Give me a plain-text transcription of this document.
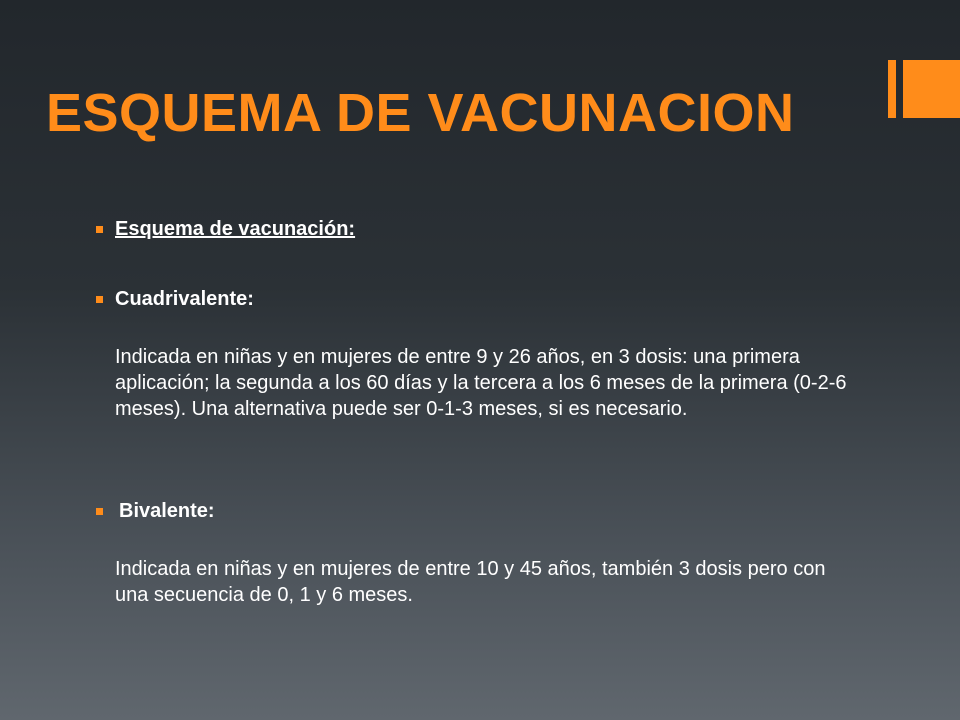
ESQUEMA DE VACUNACION
Esquema de vacunación:
Cuadrivalente:

Indicada en niñas y en mujeres de entre 9 y 26 años, en 3 dosis: una primera aplicación; la segunda a los 60 días y la tercera a los 6 meses de la primera (0-2-6 meses). Una alternativa puede ser 0-1-3 meses, si es necesario.

Bivalente:

Indicada en niñas y en mujeres de entre 10 y 45 años, también 3 dosis pero con una secuencia de 0, 1 y 6 meses.
